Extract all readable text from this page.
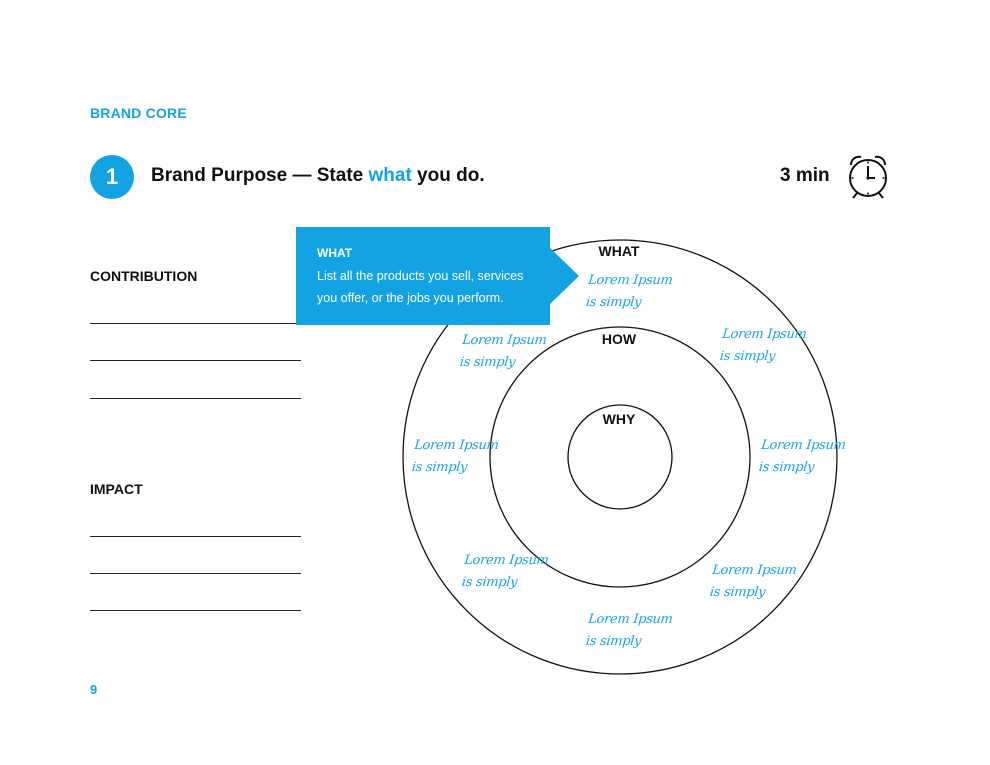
BRAND CORE
1	Brand Purpose — State what you do.	3 min
CONTRIBUTION
IMPACT
WHAT
HOW
WHY
Lorem Ipsum
is simply
Lorem Ipsum
is simply
Lorem Ipsum
is simply
Lorem Ipsum
is simply
Lorem Ipsum
is simply
Lorem Ipsum
is simply
Lorem Ipsum
is simply
Lorem Ipsum
is simply
WHAT
List all the products you sell, services you offer, or the jobs you perform.
9
